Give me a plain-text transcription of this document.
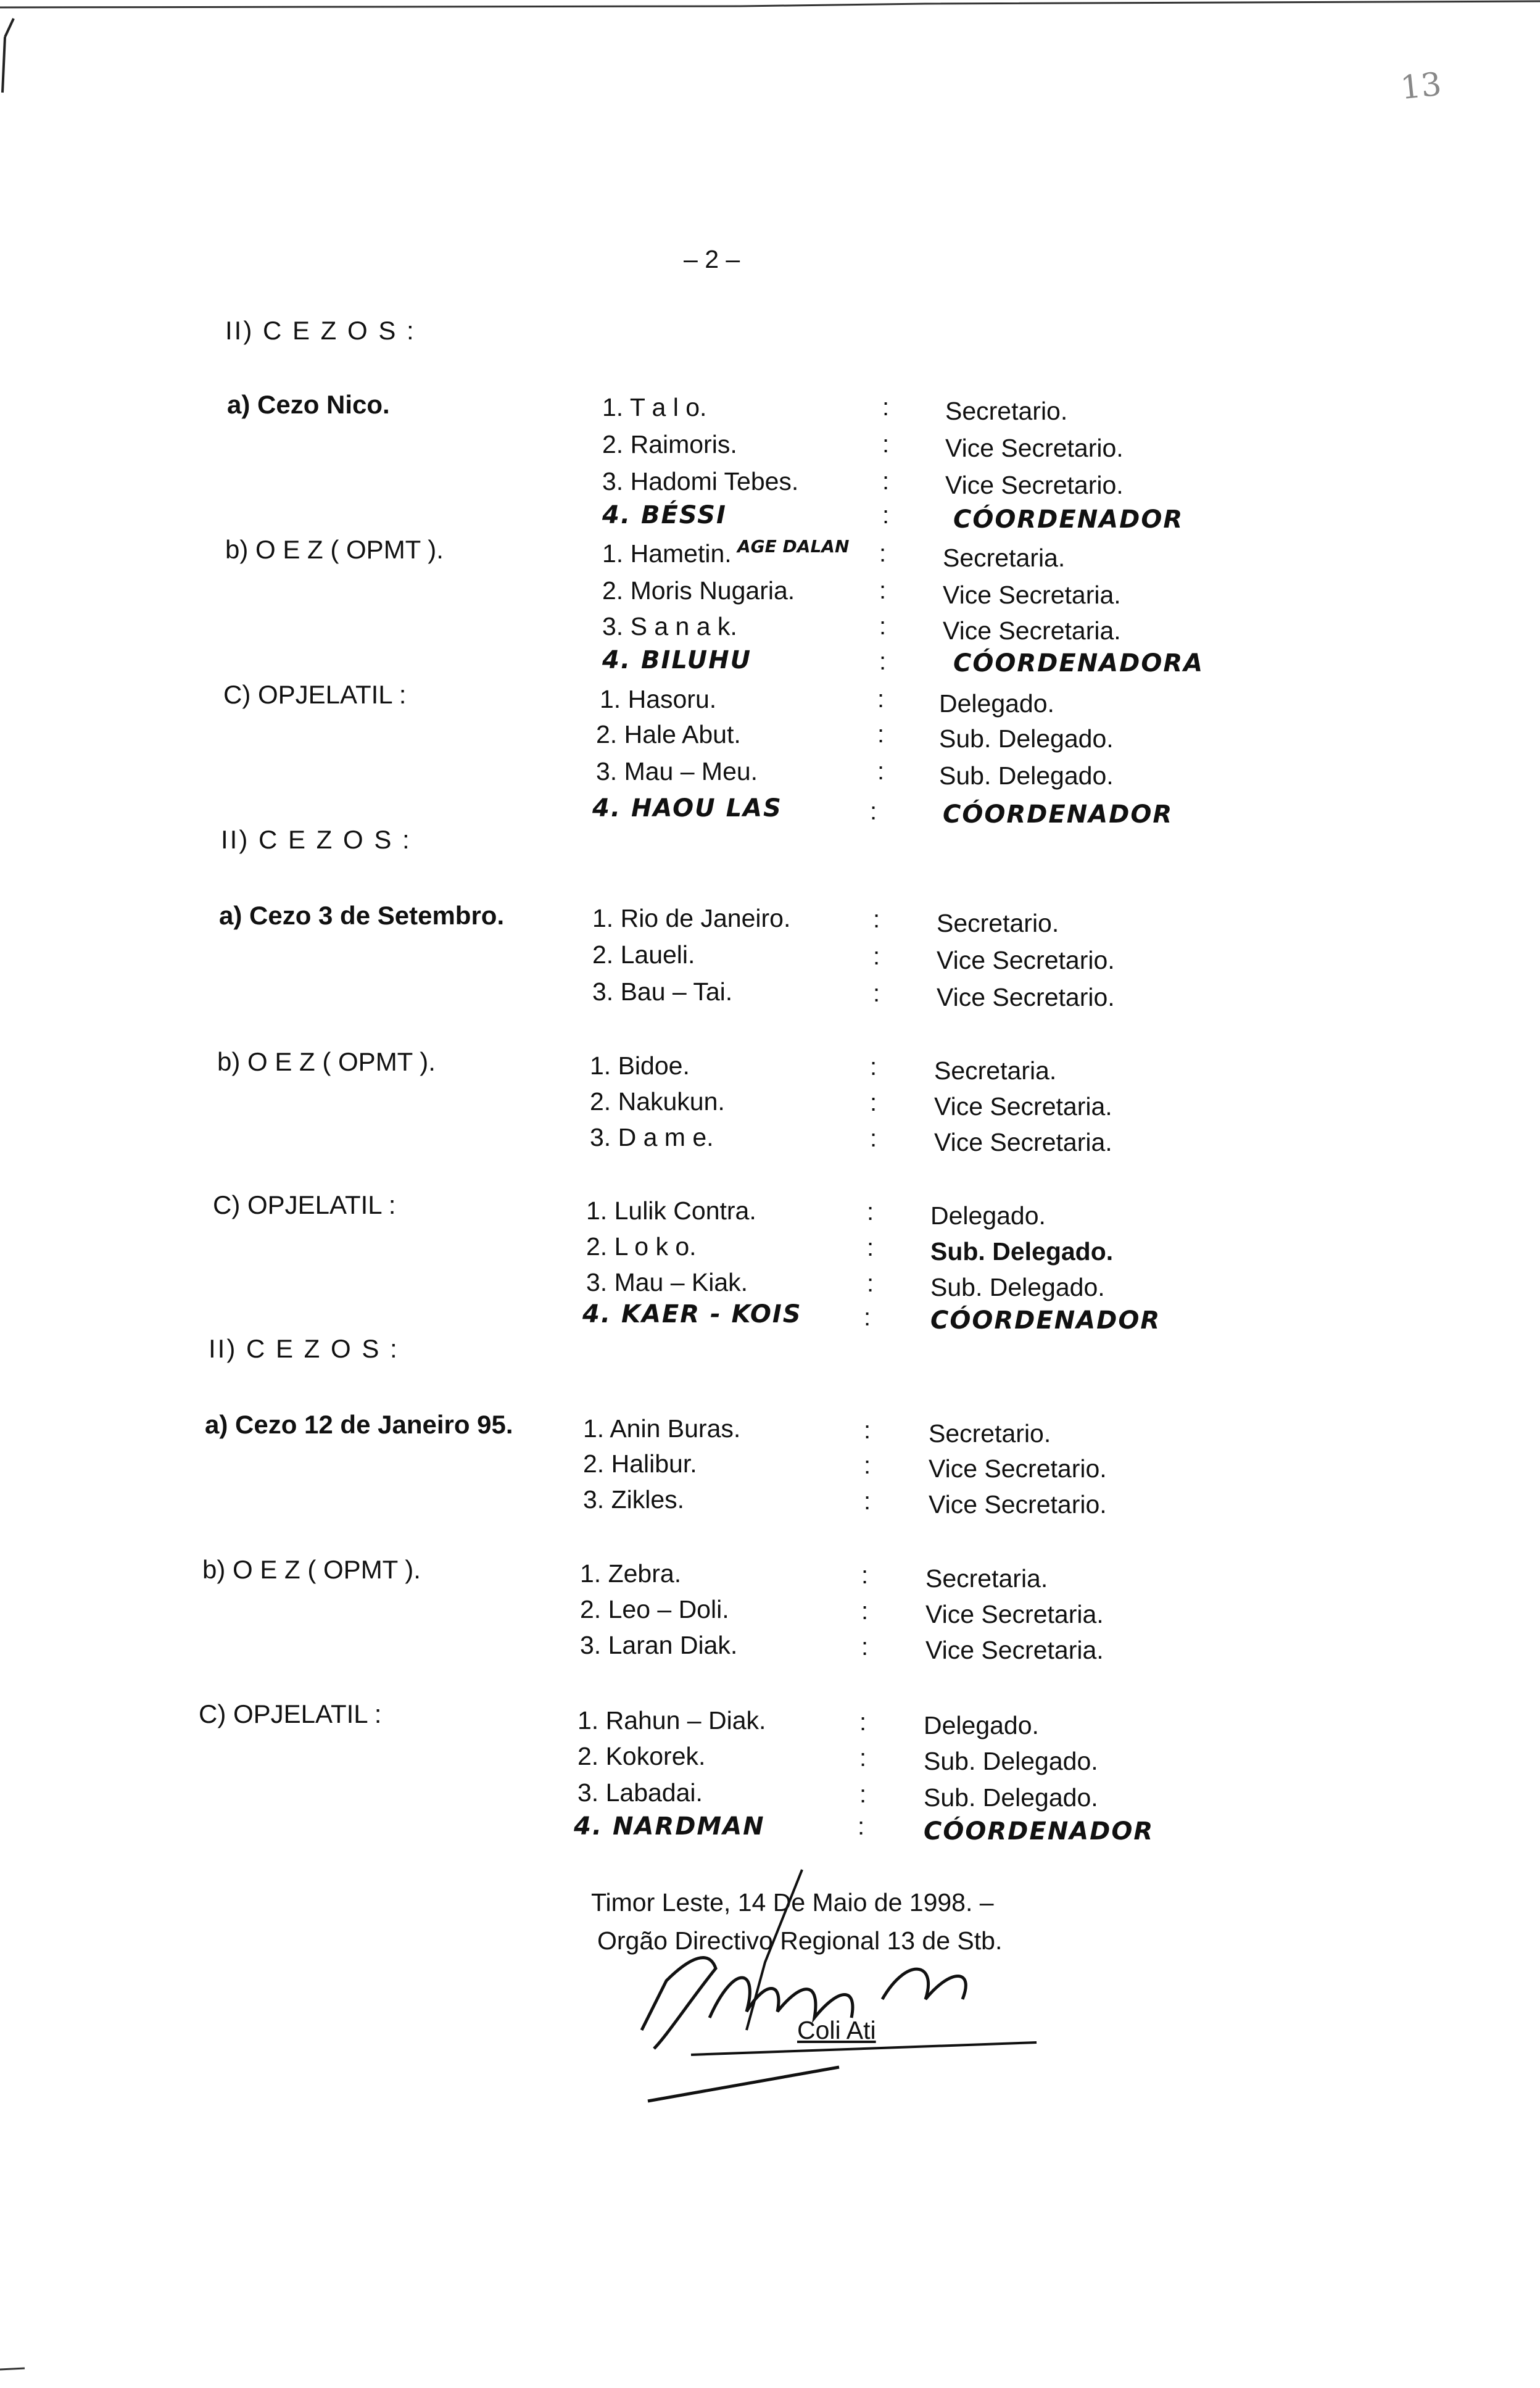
– 2 –
13
II) C E Z O S :
a) Cezo Nico.	1. T a l o.	: Secretario.
2. Raimoris.	: Vice Secretario.
3. Hadomi Tebes.	: Vice Secretario.
4. BÉSSI	:	CÓORDENADOR
b) O E Z ( OPMT ).	1. Hametin. AGE DALAN : Secretaria.
2. Moris Nugaria.	: Vice Secretaria.
3. S a n a k.	: Vice Secretaria.
4. BILUHU	:	CÓORDENADORA
C) OPJELATIL :	1. Hasoru.	: Delegado.
2. Hale Abut.	: Sub. Delegado.
3. Mau – Meu.	: Sub. Delegado.
4. HAOU LAS	:	CÓORDENADOR
II) C E Z O S :
a) Cezo 3 de Setembro.	1. Rio de Janeiro.	: Secretario.
2. Laueli.	: Vice Secretario.
3. Bau – Tai.	: Vice Secretario.
b) O E Z ( OPMT ).	1. Bidoe.	: Secretaria.
2. Nakukun.	: Vice Secretaria.
3. D a m e.	: Vice Secretaria.
C) OPJELATIL :	1. Lulik Contra.	: Delegado.
2. L o k o.	: Sub. Delegado.
3. Mau – Kiak.	: Sub. Delegado.
4. KAER - KOIS	: CÓORDENADOR
II) C E Z O S :
a) Cezo 12 de Janeiro 95.	1. Anin Buras.	: Secretario.
2. Halibur.	: Vice Secretario.
3. Zikles.	: Vice Secretario.
b) O E Z ( OPMT ).	1. Zebra.	: Secretaria.
2. Leo – Doli.	: Vice Secretaria.
3. Laran Diak.	: Vice Secretaria.
C) OPJELATIL :	1. Rahun – Diak.	: Delegado.
2. Kokorek.	: Sub. Delegado.
3. Labadai.	: Sub. Delegado.
4. NARDMAN	: CÓORDENADOR
Timor Leste, 14 De Maio de 1998. –
Orgão Directivo Regional 13 de Stb.
Coli Ati
